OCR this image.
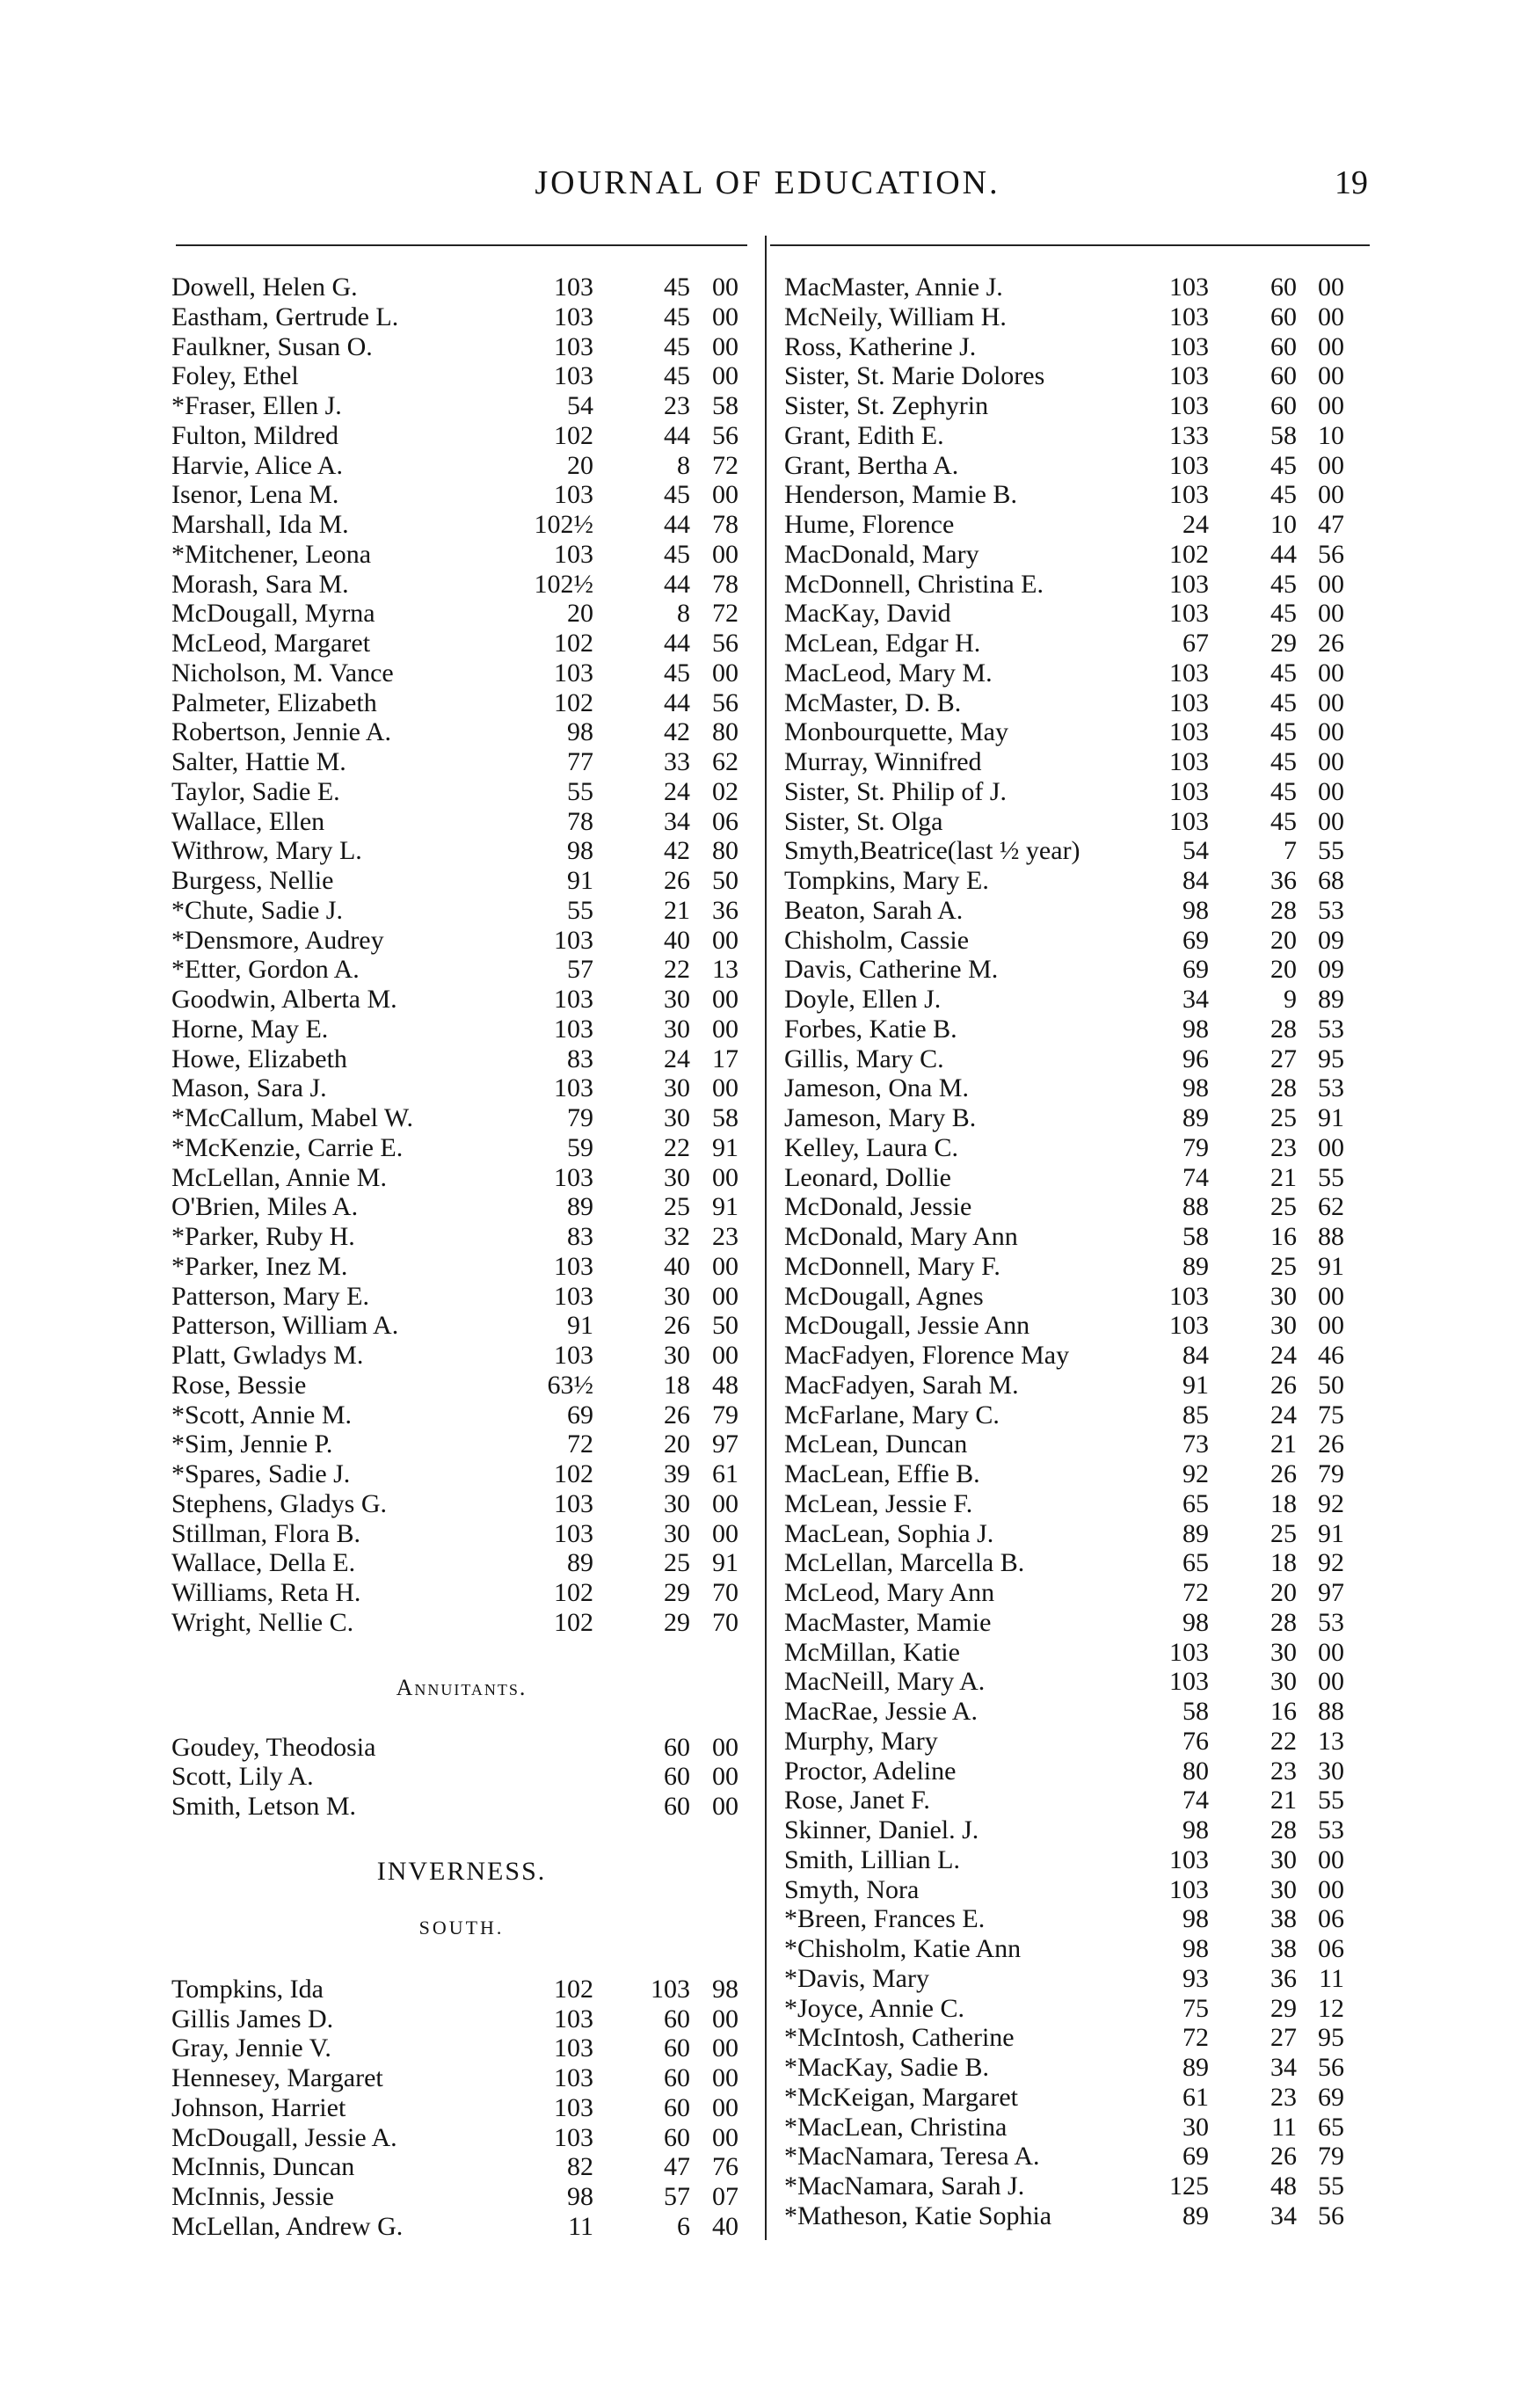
JOURNAL OF EDUCATION.	19
Dowell, Helen G.	103	45 00
Eastham, Gertrude L.	103	45 00
Faulkner, Susan O.	103	45 00
Foley, Ethel	103	45 00
*Fraser, Ellen J.	54	23 58
Fulton, Mildred	102	44 56
Harvie, Alice A.	20	8 72
Isenor, Lena M.	103	45 00
Marshall, Ida M.	102½	44 78
*Mitchener, Leona	103	45 00
Morash, Sara M.	102½	44 78
McDougall, Myrna	20	8 72
McLeod, Margaret	102	44 56
Nicholson, M. Vance	103	45 00
Palmeter, Elizabeth	102	44 56
Robertson, Jennie A.	98	42 80
Salter, Hattie M.	77	33 62
Taylor, Sadie E.	55	24 02
Wallace, Ellen	78	34 06
Withrow, Mary L.	98	42 80
Burgess, Nellie	91	26 50
*Chute, Sadie J.	55	21 36
*Densmore, Audrey	103	40 00
*Etter, Gordon A.	57	22 13
Goodwin, Alberta M.	103	30 00
Horne, May E.	103	30 00
Howe, Elizabeth	83	24 17
Mason, Sara J.	103	30 00
*McCallum, Mabel W.	79	30 58
*McKenzie, Carrie E.	59	22 91
McLellan, Annie M.	103	30 00
O'Brien, Miles A.	89	25 91
*Parker, Ruby H.	83	32 23
*Parker, Inez M.	103	40 00
Patterson, Mary E.	103	30 00
Patterson, William A.	91	26 50
Platt, Gwladys M.	103	30 00
Rose, Bessie	63½	18 48
*Scott, Annie M.	69	26 79
*Sim, Jennie P.	72	20 97
*Spares, Sadie J.	102	39 61
Stephens, Gladys G.	103	30 00
Stillman, Flora B.	103	30 00
Wallace, Della E.	89	25 91
Williams, Reta H.	102	29 70
Wright, Nellie C.	102	29 70
Annuitants.
Goudey, Theodosia	60 00
Scott, Lily A.	60 00
Smith, Letson M.	60 00
INVERNESS.
SOUTH.
Tompkins, Ida	102 103 98
Gillis James D.	103	60 00
Gray, Jennie V.	103	60 00
Hennesey, Margaret	103	60 00
Johnson, Harriet	103	60 00
McDougall, Jessie A.	103	60 00
McInnis, Duncan	82	47 76
McInnis, Jessie	98	57 07
McLellan, Andrew G.	11	6 40
MacMaster, Annie J.	103	60 00
McNeily, William H.	103	60 00
Ross, Katherine J.	103	60 00
Sister, St. Marie Dolores	103	60 00
Sister, St. Zephyrin	103	60 00
Grant, Edith E.	133	58 10
Grant, Bertha A.	103	45 00
Henderson, Mamie B.	103	45 00
Hume, Florence	24	10 47
MacDonald, Mary	102	44 56
McDonnell, Christina E.	103	45 00
MacKay, David	103	45 00
McLean, Edgar H.	67	29 26
MacLeod, Mary M.	103	45 00
McMaster, D. B.	103	45 00
Monbourquette, May	103	45 00
Murray, Winnifred	103	45 00
Sister, St. Philip of J.	103	45 00
Sister, St. Olga	103	45 00
Smyth,Beatrice(last ½ year)	54	7 55
Tompkins, Mary E.	84	36 68
Beaton, Sarah A.	98	28 53
Chisholm, Cassie	69	20 09
Davis, Catherine M.	69	20 09
Doyle, Ellen J.	34	9 89
Forbes, Katie B.	98	28 53
Gillis, Mary C.	96	27 95
Jameson, Ona M.	98	28 53
Jameson, Mary B.	89	25 91
Kelley, Laura C.	79	23 00
Leonard, Dollie	74	21 55
McDonald, Jessie	88	25 62
McDonald, Mary Ann	58	16 88
McDonnell, Mary F.	89	25 91
McDougall, Agnes	103	30 00
McDougall, Jessie Ann	103	30 00
MacFadyen, Florence May	84	24 46
MacFadyen, Sarah M.	91	26 50
McFarlane, Mary C.	85	24 75
McLean, Duncan	73	21 26
MacLean, Effie B.	92	26 79
McLean, Jessie F.	65	18 92
MacLean, Sophia J.	89	25 91
McLellan, Marcella B.	65	18 92
McLeod, Mary Ann	72	20 97
MacMaster, Mamie	98	28 53
McMillan, Katie	103	30 00
MacNeill, Mary A.	103	30 00
MacRae, Jessie A.	58	16 88
Murphy, Mary	76	22 13
Proctor, Adeline	80	23 30
Rose, Janet F.	74	21 55
Skinner, Daniel. J.	98	28 53
Smith, Lillian L.	103	30 00
Smyth, Nora	103	30 00
*Breen, Frances E.	98	38 06
*Chisholm, Katie Ann	98	38 06
*Davis, Mary	93	36 11
*Joyce, Annie C.	75	29 12
*McIntosh, Catherine	72	27 95
*MacKay, Sadie B.	89	34 56
*McKeigan, Margaret	61	23 69
*MacLean, Christina	30	11 65
*MacNamara, Teresa A.	69	26 79
*MacNamara, Sarah J.	125	48 55
*Matheson, Katie Sophia	89	34 56
